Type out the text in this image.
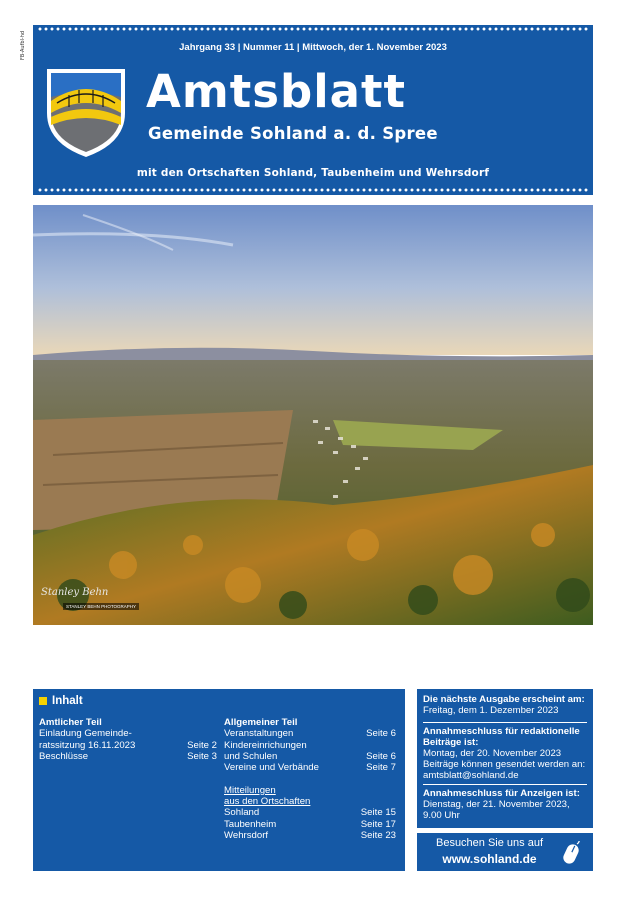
FB-Aufbl-hd	Jahrgang 33 | Nummer 11 | Mittwoch, der 1. November 2023
Amtsblatt
Gemeinde Sohland a. d. Spree
mit den Ortschaften Sohland, Taubenheim und Wehrsdorf
Stanley Behn
STANLEY BEHN PHOTOGRAPHY
Inhalt
Amtlicher Teil
Einladung Gemeinde-
ratssitzung 16.11.2023	Seite 2
Beschlüsse	Seite 3
Allgemeiner Teil
Veranstaltungen	Seite 6
Kindereinrichungen
und Schulen	Seite 6
Vereine und Verbände	Seite 7
Mitteilungen
aus den Ortschaften
Sohland	Seite 15
Taubenheim	Seite 17
Wehrsdorf	Seite 23
Die nächste Ausgabe erscheint am:
Freitag, dem 1. Dezember 2023
Annahmeschluss für redaktionelle
Beiträge ist:
Montag, der 20. November 2023
Beiträge können gesendet werden an:
amtsblatt@sohland.de
Annahmeschluss für Anzeigen ist:
Dienstag, der 21. November 2023,
9.00 Uhr
Besuchen Sie uns auf
www.sohland.de
